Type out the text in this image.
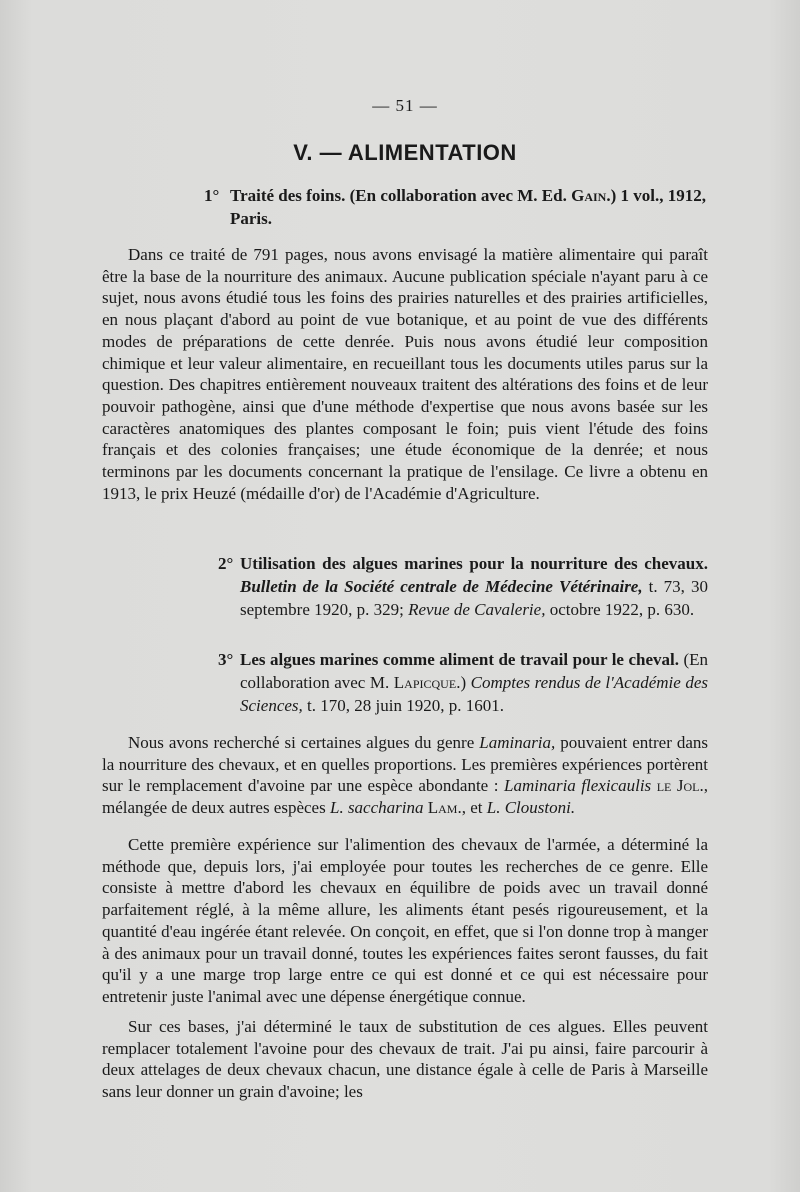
— 51 —
V. — ALIMENTATION
1° Traité des foins. (En collaboration avec M. Ed. Gain.) 1 vol., 1912, Paris.
Dans ce traité de 791 pages, nous avons envisagé la matière alimentaire qui paraît être la base de la nourriture des animaux. Aucune publication spéciale n'ayant paru à ce sujet, nous avons étudié tous les foins des prairies naturelles et des prairies artificielles, en nous plaçant d'abord au point de vue botanique, et au point de vue des différents modes de préparations de cette denrée. Puis nous avons étudié leur composition chimique et leur valeur alimentaire, en recueillant tous les documents utiles parus sur la question. Des chapitres entièrement nouveaux traitent des altérations des foins et de leur pouvoir pathogène, ainsi que d'une méthode d'expertise que nous avons basée sur les caractères anatomiques des plantes composant le foin; puis vient l'étude des foins français et des colonies françaises; une étude économique de la denrée; et nous terminons par les documents concernant la pratique de l'ensilage. Ce livre a obtenu en 1913, le prix Heuzé (médaille d'or) de l'Académie d'Agriculture.
2° Utilisation des algues marines pour la nourriture des chevaux. Bulletin de la Société centrale de Médecine Vétérinaire, t. 73, 30 septembre 1920, p. 329; Revue de Cavalerie, octobre 1922, p. 630.
3° Les algues marines comme aliment de travail pour le cheval. (En collaboration avec M. Lapicque.) Comptes rendus de l'Académie des Sciences, t. 170, 28 juin 1920, p. 1601.
Nous avons recherché si certaines algues du genre Laminaria, pouvaient entrer dans la nourriture des chevaux, et en quelles proportions. Les premières expériences portèrent sur le remplacement d'avoine par une espèce abondante : Laminaria flexicaulis le Jol., mélangée de deux autres espèces L. saccharina Lam., et L. Cloustoni.
Cette première expérience sur l'alimention des chevaux de l'armée, a déterminé la méthode que, depuis lors, j'ai employée pour toutes les recherches de ce genre. Elle consiste à mettre d'abord les chevaux en équilibre de poids avec un travail donné parfaitement réglé, à la même allure, les aliments étant pesés rigoureusement, et la quantité d'eau ingérée étant relevée. On conçoit, en effet, que si l'on donne trop à manger à des animaux pour un travail donné, toutes les expériences faites seront fausses, du fait qu'il y a une marge trop large entre ce qui est donné et ce qui est nécessaire pour entretenir juste l'animal avec une dépense énergétique connue.
Sur ces bases, j'ai déterminé le taux de substitution de ces algues. Elles peuvent remplacer totalement l'avoine pour des chevaux de trait. J'ai pu ainsi, faire parcourir à deux attelages de deux chevaux chacun, une distance égale à celle de Paris à Marseille sans leur donner un grain d'avoine; les
